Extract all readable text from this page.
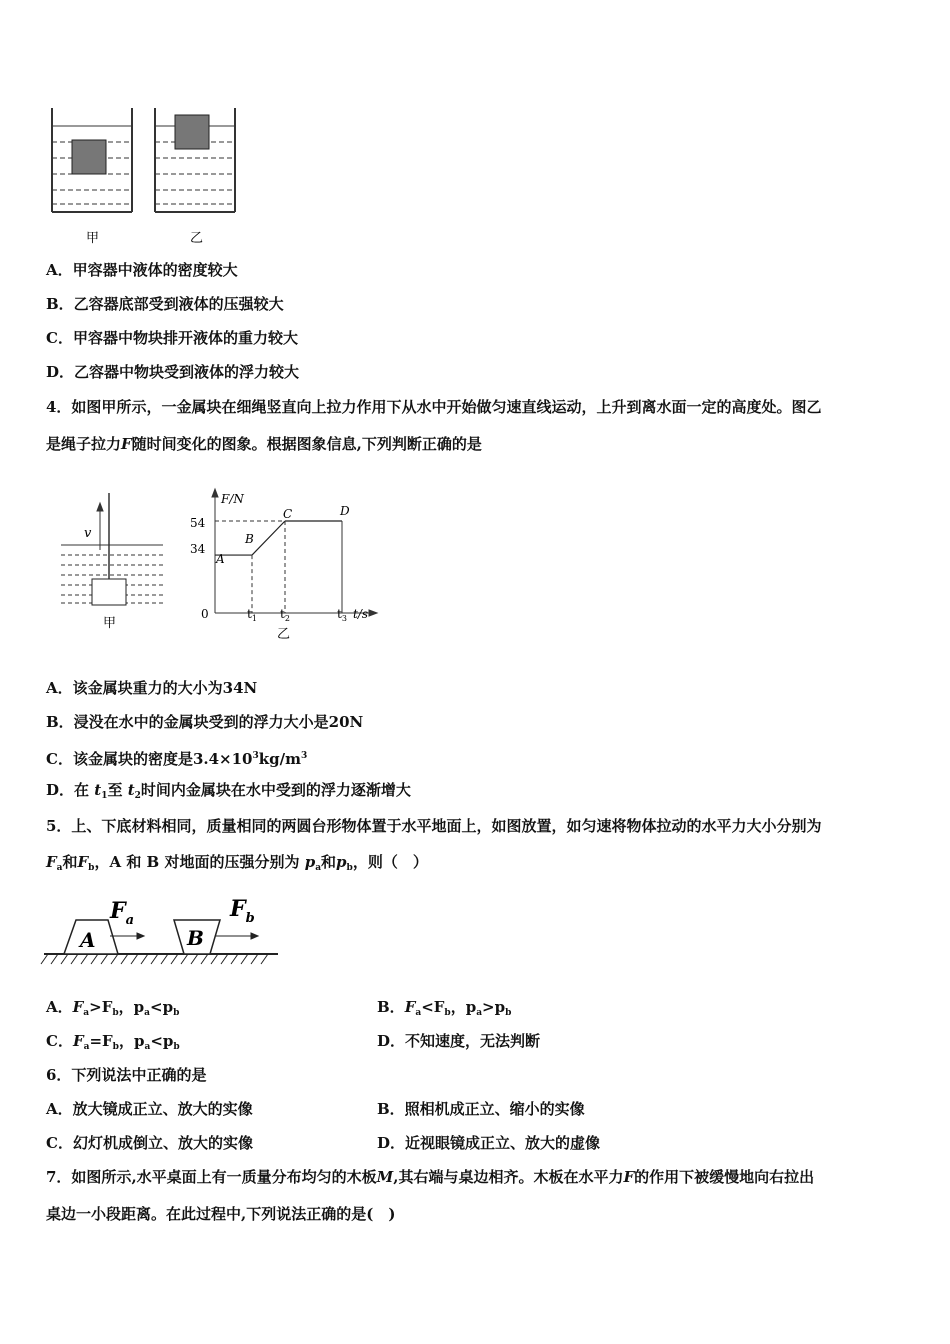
甲	乙
A．甲容器中液体的密度较大
B．乙容器底部受到液体的压强较大
C．甲容器中物块排开液体的重力较大
D．乙容器中物块受到液体的浮力较大
4．如图甲所示，一金属块在细绳竖直向上拉力作用下从水中开始做匀速直线运动，上升到离水面一定的高度处。图乙
是绳子拉力F随时间变化的图象。根据图象信息,下列判断正确的是
v
甲
F/N
54
34
0
A
B
C	D
$t_1$ $t_2$	$t_3$ t/s
乙
A．该金属块重力的大小为34N
B．浸没在水中的金属块受到的浮力大小是20N
C．该金属块的密度是$3.4\times 10^3kg/m^3$
D．在 $t_1$至 $t_2$时间内金属块在水中受到的浮力逐渐增大
5．上、下底材料相同，质量相同的两圆台形物体置于水平地面上，如图放置，如匀速将物体拉动的水平力大小分别为
$F_a$和$F_b$，A 和 B 对地面的压强分别为 $p_a$和$p_b$，则（　）
A	B
$F_a$	$F_b$
A．$F_a>F_b$，$p_a<p_b$	B．$F_a<F_b$，$p_a>p_b$
C．$F_a=F_b$，$p_a<p_b$	D．不知速度，无法判断
6．下列说法中正确的是
A．放大镜成正立、放大的实像	B．照相机成正立、缩小的实像
C．幻灯机成倒立、放大的实像	D．近视眼镜成正立、放大的虚像
7．如图所示,水平桌面上有一质量分布均匀的木板M,其右端与桌边相齐。木板在水平力F的作用下被缓慢地向右拉出
桌边一小段距离。在此过程中,下列说法正确的是(　)
